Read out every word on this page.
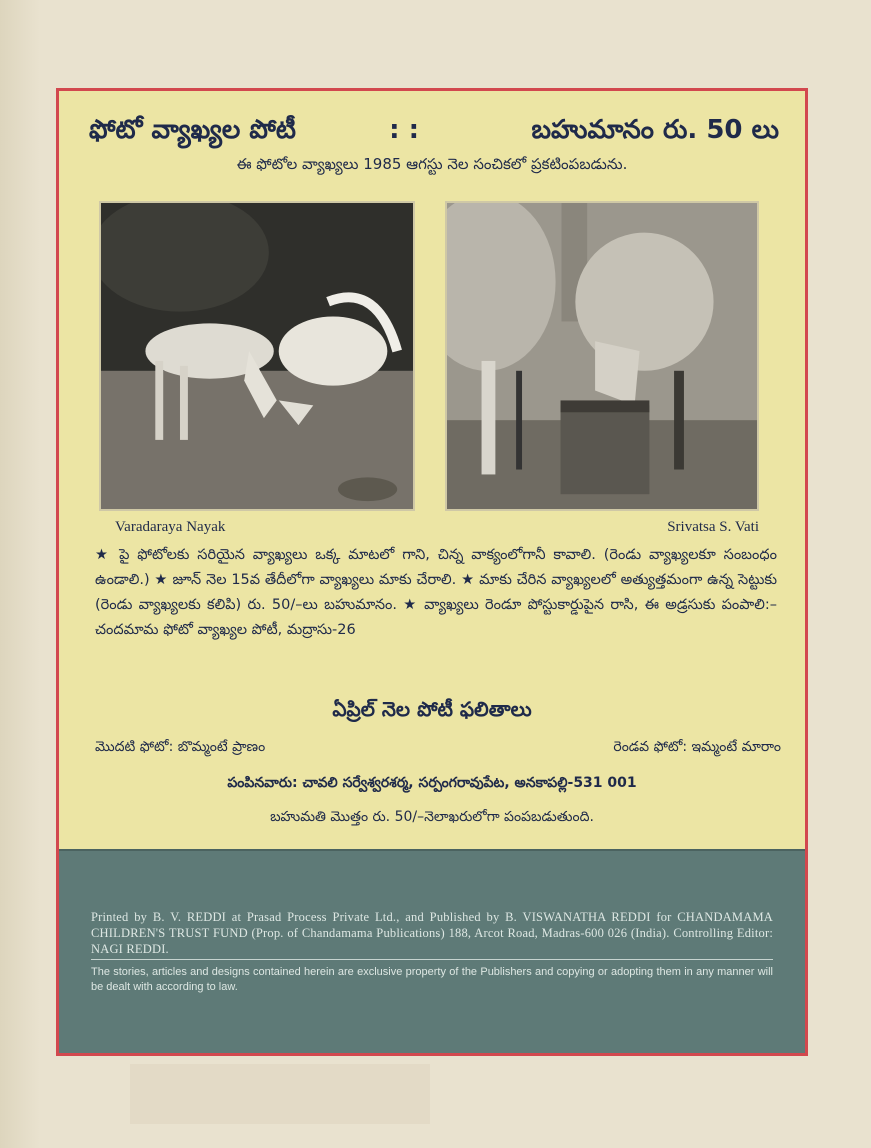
ఫోటో వ్యాఖ్యల పోటీ	: :	బహుమానం రు. 50 లు
ఈ ఫోటోల వ్యాఖ్యలు 1985 ఆగస్టు నెల సంచికలో ప్రకటింపబడును.
Varadaraya Nayak	Srivatsa S. Vati
★ పై ఫోటోలకు సరియైన వ్యాఖ్యలు ఒక్క మాటలో గాని, చిన్న వాక్యంలోగానీ కావాలి. (రెండు వ్యాఖ్యలకూ సంబంధం ఉండాలి.) ★ జూన్ నెల 15వ తేదీలోగా వ్యాఖ్యలు మాకు చేరాలి. ★ మాకు చేరిన వ్యాఖ్యలలో అత్యుత్తమంగా ఉన్న సెట్టుకు (రెండు వ్యాఖ్యలకు కలిపి) రు. 50/–లు బహుమానం. ★ వ్యాఖ్యలు రెండూ పోస్టుకార్డుపైన రాసి, ఈ అడ్రసుకు పంపాలి:– చందమామ ఫోటో వ్యాఖ్యల పోటీ, మద్రాసు-26
ఏప్రిల్ నెల పోటీ ఫలితాలు
మొదటి ఫోటో: బొమ్మంటే ప్రాణం	రెండవ ఫోటో: ఇమ్మంటే మారాం
పంపినవారు: చావలి సర్వేశ్వరశర్మ, సర్పంగరావుపేట, అనకాపల్లి-531 001
బహుమతి మొత్తం రు. 50/–నెలాఖరులోగా పంపబడుతుంది.
Printed by B. V. REDDI at Prasad Process Private Ltd., and Published by B. VISWANATHA REDDI for CHANDAMAMA CHILDREN'S TRUST FUND (Prop. of Chandamama Publications) 188, Arcot Road, Madras-600 026 (India). Controlling Editor: NAGI REDDI.
The stories, articles and designs contained herein are exclusive property of the Publishers and copying or adopting them in any manner will be dealt with according to law.
